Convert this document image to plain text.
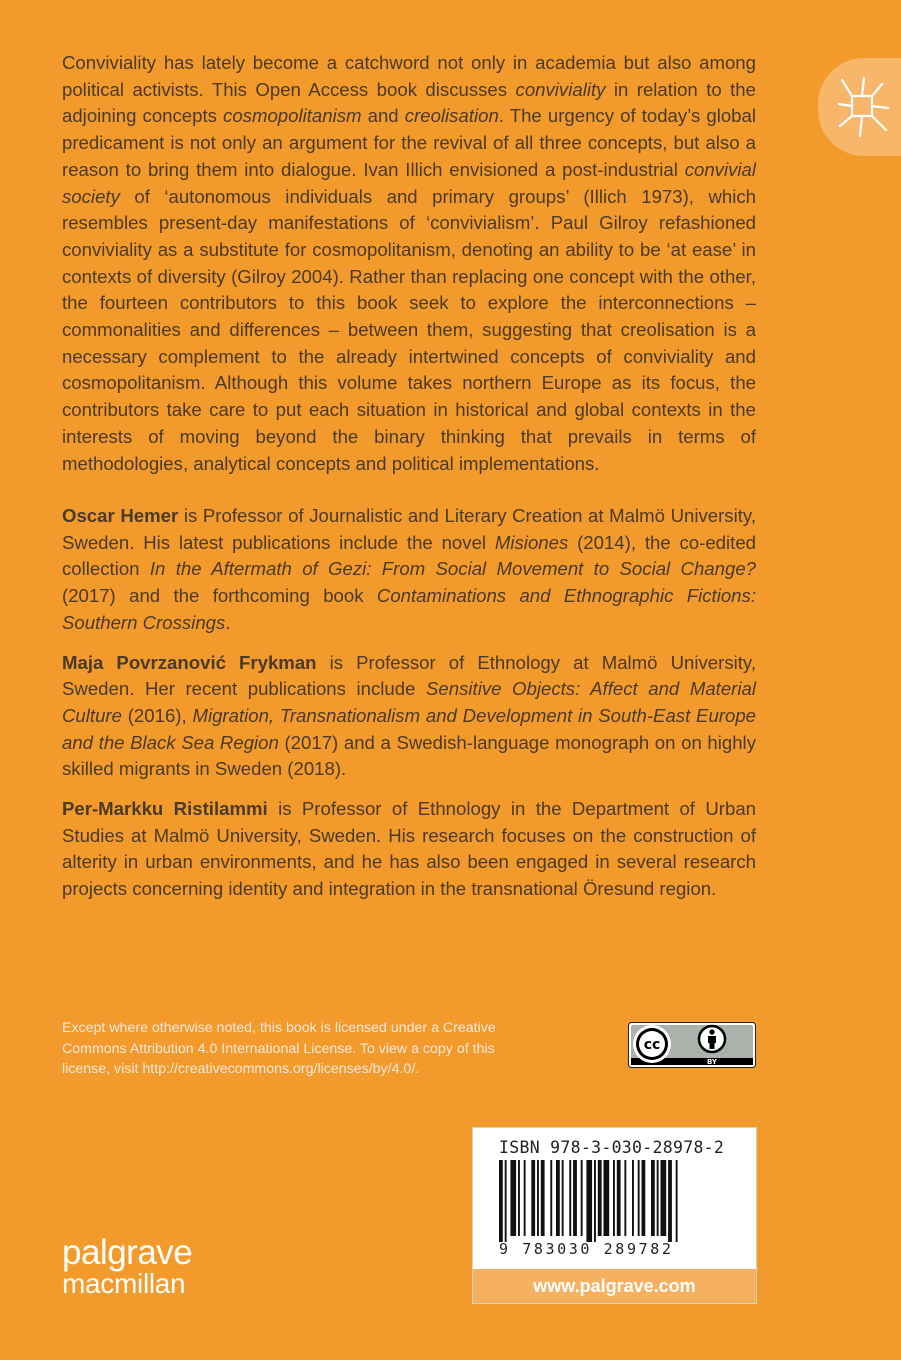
Conviviality has lately become a catchword not only in academia but also among political activists. This Open Access book discusses conviviality in relation to the adjoining concepts cosmopolitanism and creolisation. The urgency of today’s global predicament is not only an argument for the revival of all three concepts, but also a reason to bring them into dialogue. Ivan Illich envisioned a post-industrial convivial society of ‘autonomous individuals and primary groups’ (Illich 1973), which resembles present-day manifestations of ‘convivialism’. Paul Gilroy refashioned conviviality as a substitute for cosmopolitanism, denoting an ability to be ‘at ease’ in contexts of diversity (Gilroy 2004). Rather than replacing one concept with the other, the fourteen contributors to this book seek to explore the interconnections – commonalities and differences – between them, suggesting that creolisation is a necessary complement to the already intertwined concepts of conviviality and cosmopolitanism. Although this volume takes northern Europe as its focus, the contributors take care to put each situation in historical and global contexts in the interests of moving beyond the binary thinking that prevails in terms of methodologies, analytical concepts and political implementations.

Oscar Hemer is Professor of Journalistic and Literary Creation at Malmö University, Sweden. His latest publications include the novel Misiones (2014), the co-edited collection In the Aftermath of Gezi: From Social Movement to Social Change? (2017) and the forthcoming book Contaminations and Ethnographic Fictions: Southern Crossings.

Maja Povrzanović Frykman is Professor of Ethnology at Malmö University, Sweden. Her recent publications include Sensitive Objects: Affect and Material Culture (2016), Migration, Transnationalism and Development in South-East Europe and the Black Sea Region (2017) and a Swedish-language monograph on on highly skilled migrants in Sweden (2018).

Per-Markku Ristilammi is Professor of Ethnology in the Department of Urban Studies at Malmö University, Sweden. His research focuses on the construction of alterity in urban environments, and he has also been engaged in several research projects concerning identity and integration in the transnational Öresund region.

Except where otherwise noted, this book is licensed under a Creative
Commons Attribution 4.0 International License. To view a copy of this
license, visit http://creativecommons.org/licenses/by/4.0/.
cc
BY
ISBN 978-3-030-28978-2
9 783030 289782
www.palgrave.com
palgrave
macmillan
